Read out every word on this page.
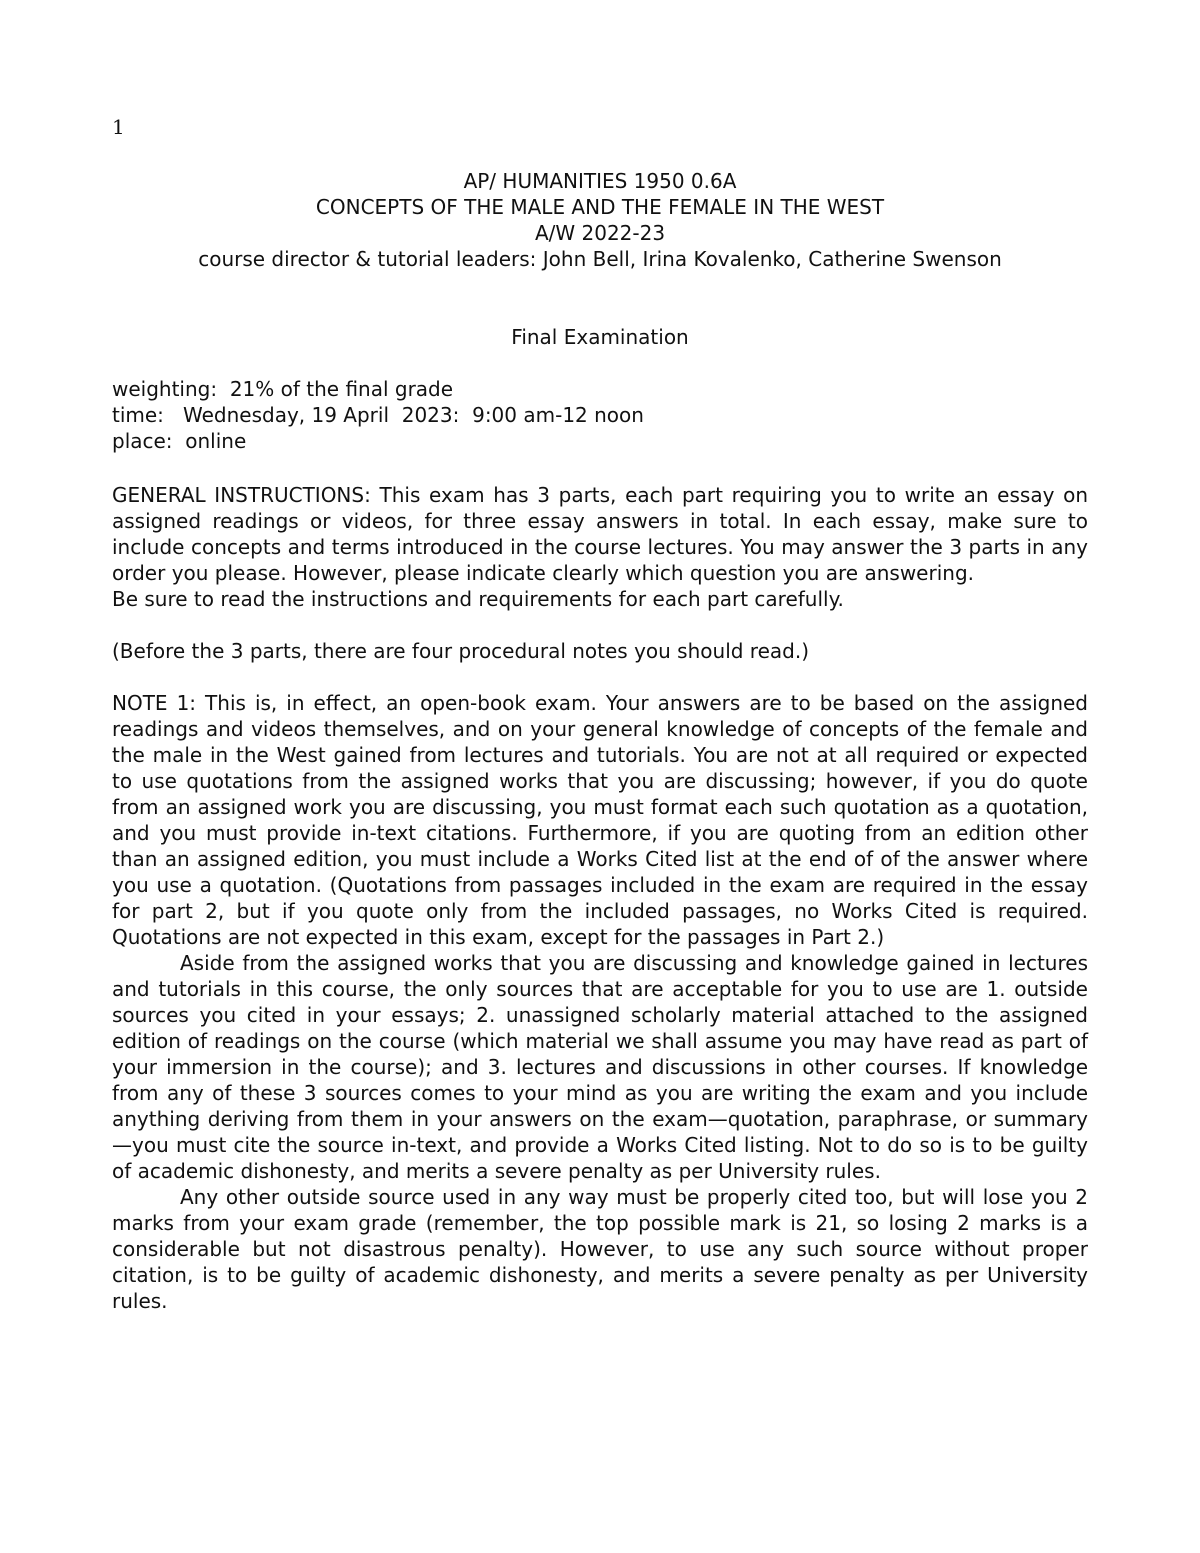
1
AP/ HUMANITIES 1950 0.6A
CONCEPTS OF THE MALE AND THE FEMALE IN THE WEST
A/W 2022-23
course director & tutorial leaders: John Bell, Irina Kovalenko, Catherine Swenson
Final Examination
weighting:  21% of the final grade
time:   Wednesday, 19 April  2023:  9:00 am-12 noon
place:  online

GENERAL INSTRUCTIONS: This exam has 3 parts, each part requiring you to write an essay on assigned readings or videos, for three essay answers in total. In each essay, make sure to include concepts and terms introduced in the course lectures. You may answer the 3 parts in any order you please. However, please indicate clearly which question you are answering.

Be sure to read the instructions and requirements for each part carefully.

(Before the 3 parts, there are four procedural notes you should read.)

NOTE 1: This is, in effect, an open-book exam. Your answers are to be based on the assigned readings and videos themselves, and on your general knowledge of concepts of the female and the male in the West gained from lectures and tutorials. You are not at all required or expected to use quotations from the assigned works that you are discussing; however, if you do quote from an assigned work you are discussing, you must format each such quotation as a quotation, and you must provide in-text citations. Furthermore, if you are quoting from an edition other than an assigned edition, you must include a Works Cited list at the end of of the answer where you use a quotation. (Quotations from passages included in the exam are required in the essay for part 2, but if you quote only from the included passages, no Works Cited is required. Quotations are not expected in this exam, except for the passages in Part 2.)

Aside from the assigned works that you are discussing and knowledge gained in lectures and tutorials in this course, the only sources that are acceptable for you to use are 1. outside sources you cited in your essays; 2. unassigned scholarly material attached to the assigned edition of readings on the course (which material we shall assume you may have read as part of your immersion in the course); and 3. lectures and discussions in other courses. If knowledge from any of these 3 sources comes to your mind as you are writing the exam and you include anything deriving from them in your answers on the exam—quotation, paraphrase, or summary—you must cite the source in-text, and provide a Works Cited listing. Not to do so is to be guilty of academic dishonesty, and merits a severe penalty as per University rules.

Any other outside source used in any way must be properly cited too, but will lose you 2 marks from your exam grade (remember, the top possible mark is 21, so losing 2 marks is a considerable but not disastrous penalty). However, to use any such source without proper citation, is to be guilty of academic dishonesty, and merits a severe penalty as per University rules.
